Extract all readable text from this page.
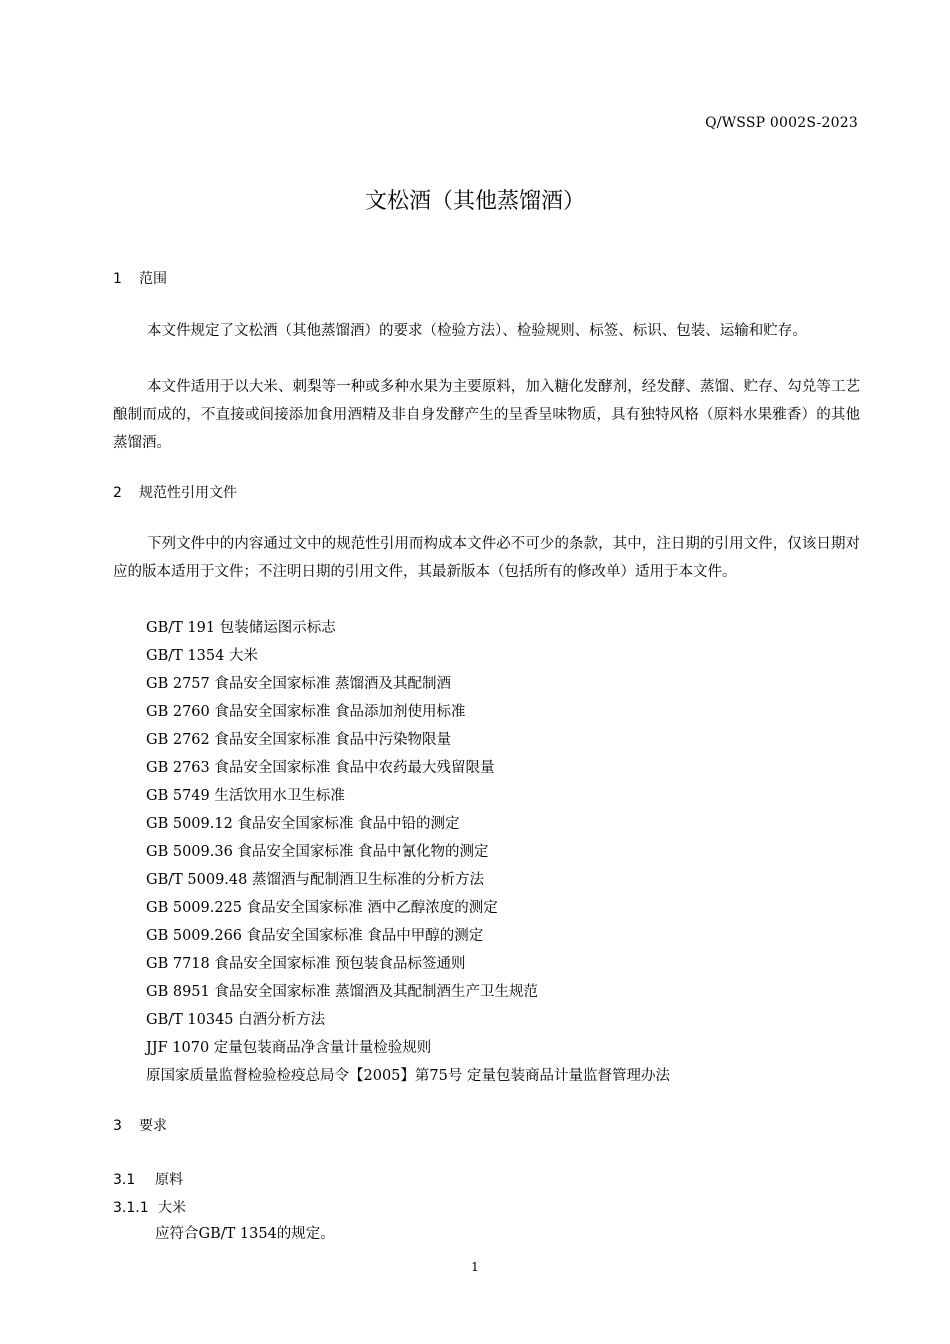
Q/WSSP 0002S-2023
文松酒（其他蒸馏酒）
1 范围

本文件规定了文松酒（其他蒸馏酒）的要求（检验方法）、检验规则、标签、标识、包装、运输和贮存。

本文件适用于以大米、刺梨等一种或多种水果为主要原料，加入糖化发酵剂，经发酵、蒸馏、贮存、勾兑等工艺酿制而成的，不直接或间接添加食用酒精及非自身发酵产生的呈香呈味物质，具有独特风格（原料水果雅香）的其他蒸馏酒。

2 规范性引用文件

下列文件中的内容通过文中的规范性引用而构成本文件必不可少的条款，其中，注日期的引用文件，仅该日期对应的版本适用于文件；不注明日期的引用文件，其最新版本（包括所有的修改单）适用于本文件。

GB/T 191 包装储运图示标志
GB/T 1354 大米
GB 2757 食品安全国家标准 蒸馏酒及其配制酒
GB 2760 食品安全国家标准 食品添加剂使用标准
GB 2762 食品安全国家标准 食品中污染物限量
GB 2763 食品安全国家标准 食品中农药最大残留限量
GB 5749 生活饮用水卫生标准
GB 5009.12 食品安全国家标准 食品中铅的测定
GB 5009.36 食品安全国家标准 食品中氰化物的测定
GB/T 5009.48 蒸馏酒与配制酒卫生标准的分析方法
GB 5009.225 食品安全国家标准 酒中乙醇浓度的测定
GB 5009.266 食品安全国家标准 食品中甲醇的测定
GB 7718 食品安全国家标准 预包装食品标签通则
GB 8951 食品安全国家标准 蒸馏酒及其配制酒生产卫生规范
GB/T 10345 白酒分析方法
JJF 1070 定量包装商品净含量计量检验规则
原国家质量监督检验检疫总局令【2005】第75号 定量包装商品计量监督管理办法
3 要求
3.1 原料
3.1.1 大米

应符合GB/T 1354的规定。

1
